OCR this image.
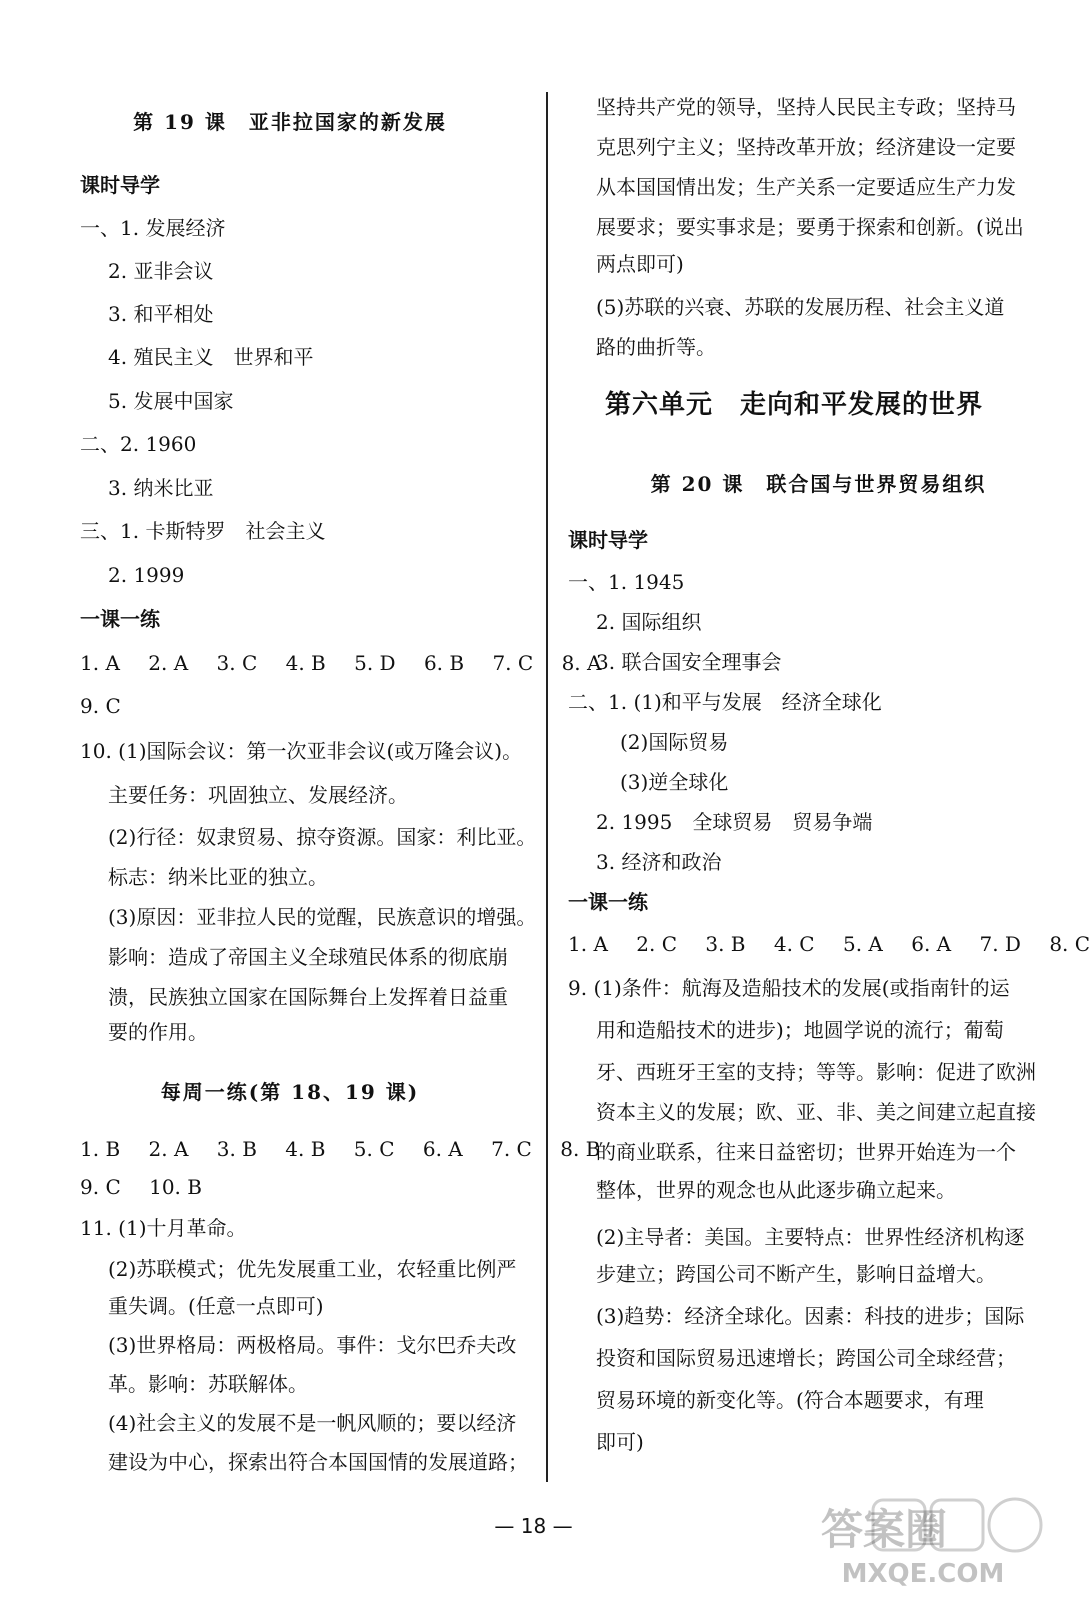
第 19 课　亚非拉国家的新发展
课时导学
一、1. 发展经济
2. 亚非会议
3. 和平相处
4. 殖民主义　世界和平
5. 发展中国家
二、2. 1960
3. 纳米比亚
三、1. 卡斯特罗　社会主义
2. 1999
一课一练
1. A 2. A 3. C 4. B 5. D 6. B 7. C 8. A
9. C
10. (1)国际会议：第一次亚非会议(或万隆会议)。
主要任务：巩固独立、发展经济。
(2)行径：奴隶贸易、掠夺资源。国家：利比亚。
标志：纳米比亚的独立。
(3)原因：亚非拉人民的觉醒，民族意识的增强。
影响：造成了帝国主义全球殖民体系的彻底崩
溃，民族独立国家在国际舞台上发挥着日益重
要的作用。
每周一练(第 18、19 课)
1. B 2. A 3. B 4. B 5. C 6. A 7. C 8. B
9. C 10. B
11. (1)十月革命。
(2)苏联模式；优先发展重工业，农轻重比例严
重失调。(任意一点即可)
(3)世界格局：两极格局。事件：戈尔巴乔夫改
革。影响：苏联解体。
(4)社会主义的发展不是一帆风顺的；要以经济
建设为中心，探索出符合本国国情的发展道路；
坚持共产党的领导，坚持人民民主专政；坚持马
克思列宁主义；坚持改革开放；经济建设一定要
从本国国情出发；生产关系一定要适应生产力发
展要求；要实事求是；要勇于探索和创新。(说出
两点即可)
(5)苏联的兴衰、苏联的发展历程、社会主义道
路的曲折等。
第六单元　走向和平发展的世界
第 20 课　联合国与世界贸易组织
课时导学
一、1. 1945
2. 国际组织
3. 联合国安全理事会
二、1. (1)和平与发展　经济全球化
(2)国际贸易
(3)逆全球化
2. 1995　全球贸易　贸易争端
3. 经济和政治
一课一练
1. A 2. C 3. B 4. C 5. A 6. A 7. D 8. C
9. (1)条件：航海及造船技术的发展(或指南针的运
用和造船技术的进步)；地圆学说的流行；葡萄
牙、西班牙王室的支持；等等。影响：促进了欧洲
资本主义的发展；欧、亚、非、美之间建立起直接
的商业联系，往来日益密切；世界开始连为一个
整体，世界的观念也从此逐步确立起来。
(2)主导者：美国。主要特点：世界性经济机构逐
步建立；跨国公司不断产生，影响日益增大。
(3)趋势：经济全球化。因素：科技的进步；国际
投资和国际贸易迅速增长；跨国公司全球经营；
贸易环境的新变化等。(符合本题要求，有理
即可)
— 18 —	答案圈
MXQE.COM
